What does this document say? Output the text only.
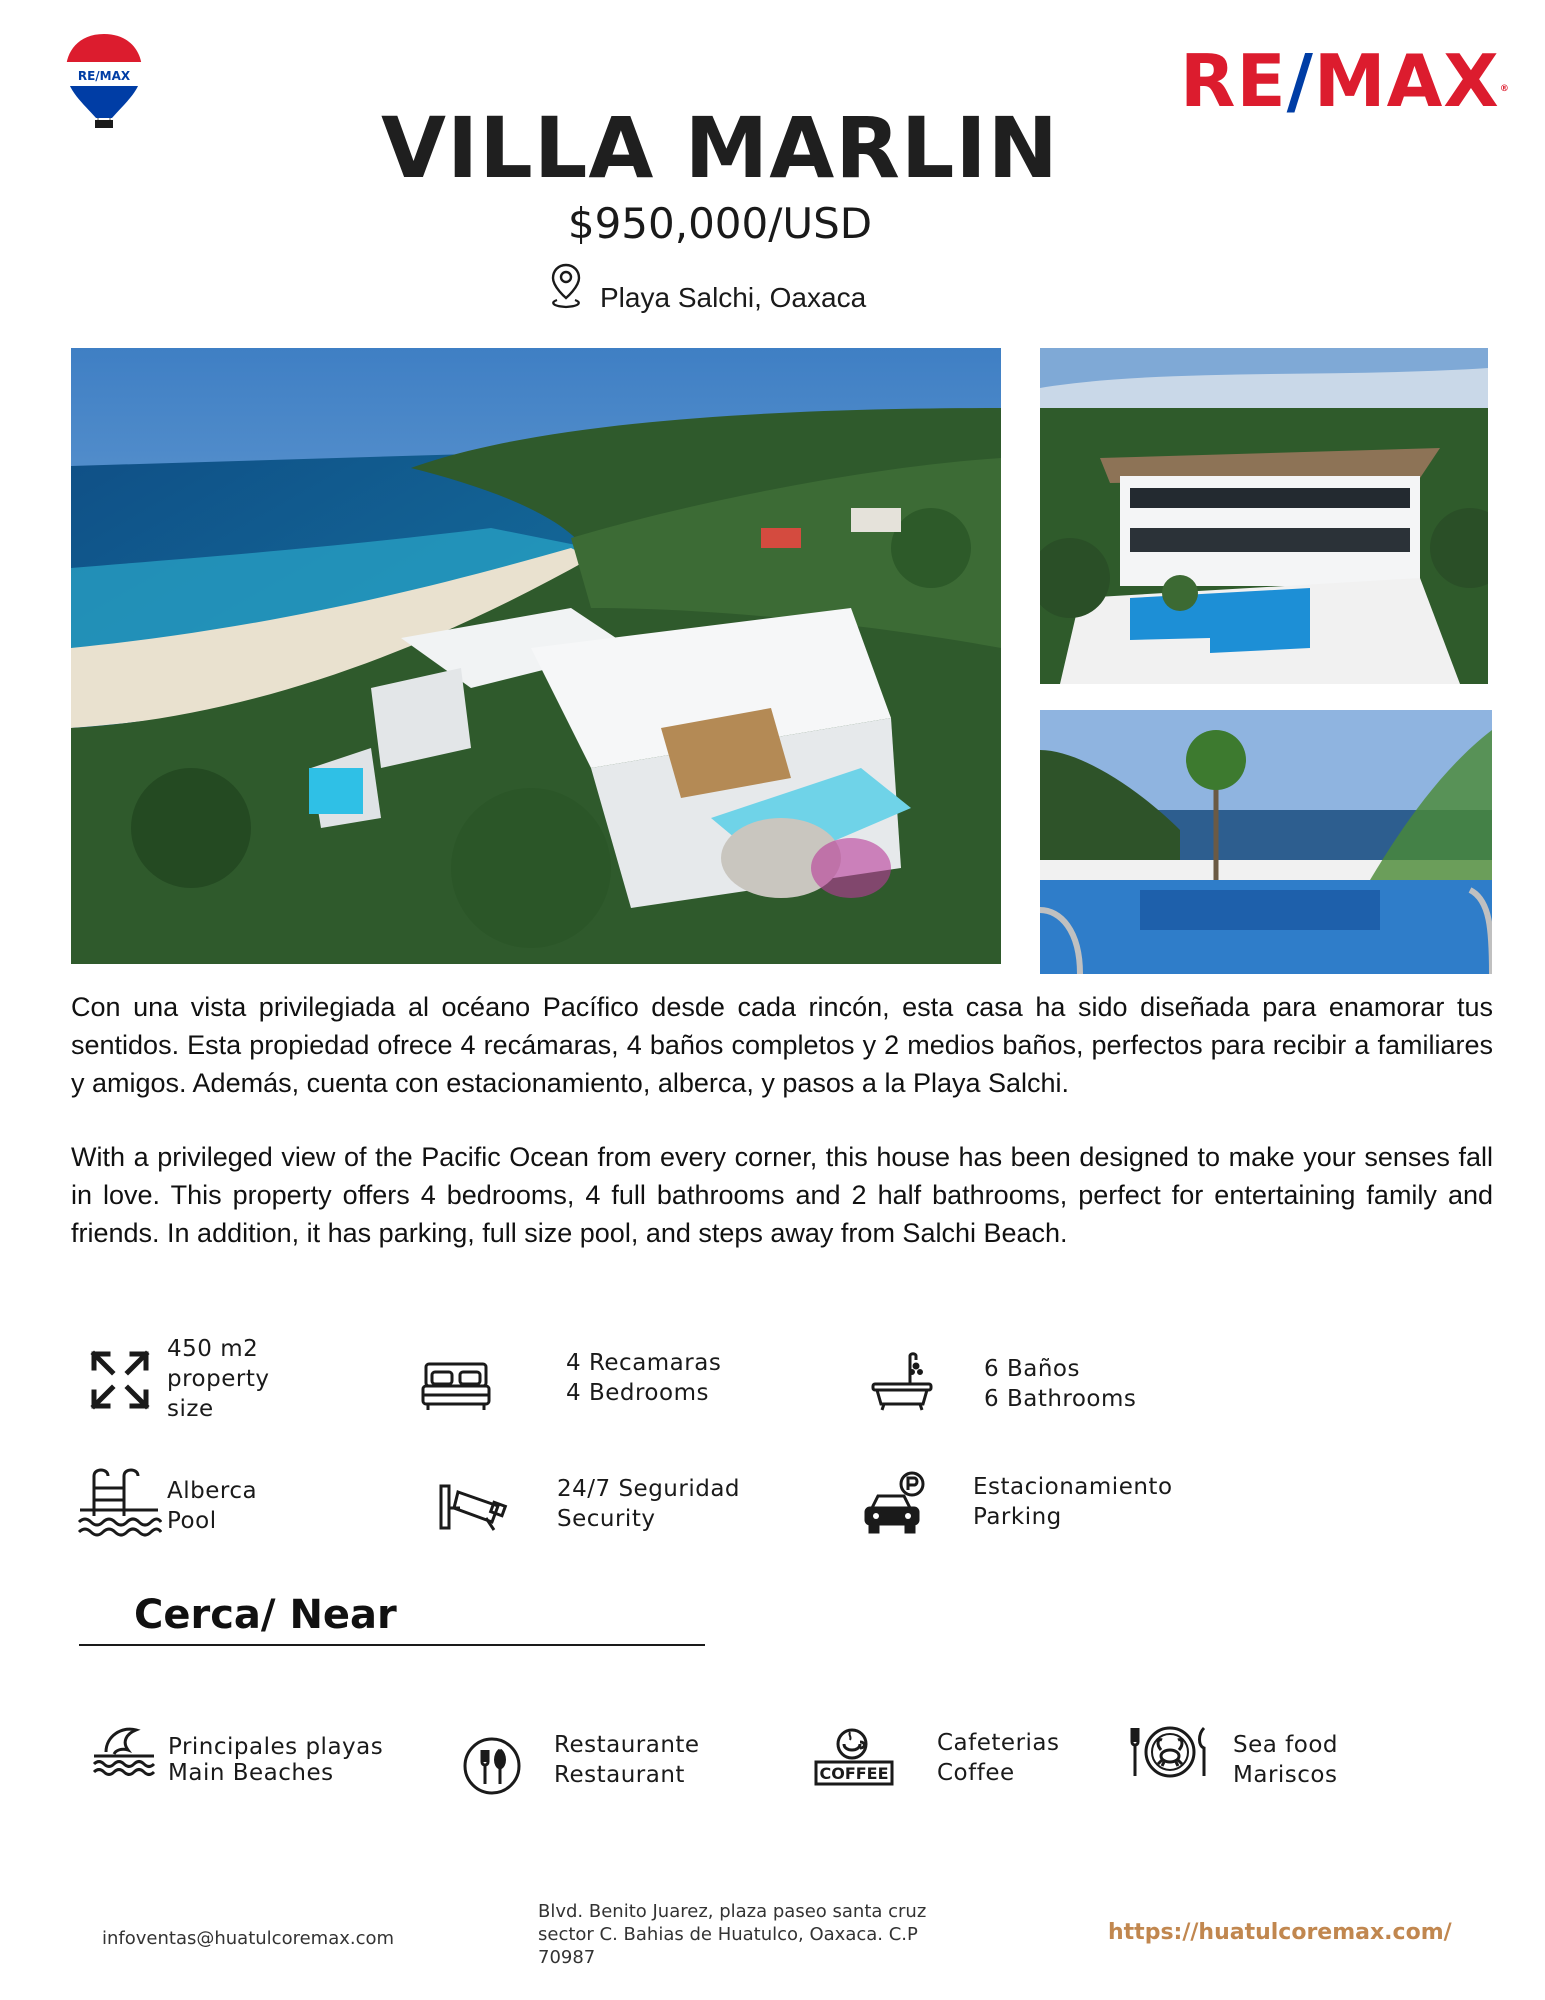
RE/MAX	RE/MAX®
VILLA MARLIN
$950,000/USD
Playa Salchi, Oaxaca

Con una vista privilegiada al océano Pacífico desde cada rincón, esta casa ha sido diseñada para enamorar tus sentidos. Esta propiedad ofrece 4 recámaras, 4 baños completos y 2 medios baños, perfectos para recibir a familiares y amigos. Además, cuenta con estacionamiento, alberca, y pasos a la Playa Salchi.

With a privileged view of the Pacific Ocean from every corner, this house has been designed to make your senses fall in love. This property offers 4 bedrooms, 4 full bathrooms and 2 half bathrooms, perfect for entertaining family and friends. In addition, it has parking, full size pool, and steps away from Salchi Beach.

450 m2
property
size
4 Recamaras
4 Bedrooms
6 Baños
6 Bathrooms
Alberca
Pool
24/7 Seguridad
Security
Estacionamiento
Parking
Cerca/ Near
Principales playas
Main Beaches
Restaurante
Restaurant	COFFEE
Cafeterias
Coffee
Sea food
Mariscos
infoventas@huatulcoremax.com
Blvd. Benito Juarez, plaza paseo santa cruz
sector C. Bahias de Huatulco, Oaxaca. C.P
70987
https://huatulcoremax.com/
